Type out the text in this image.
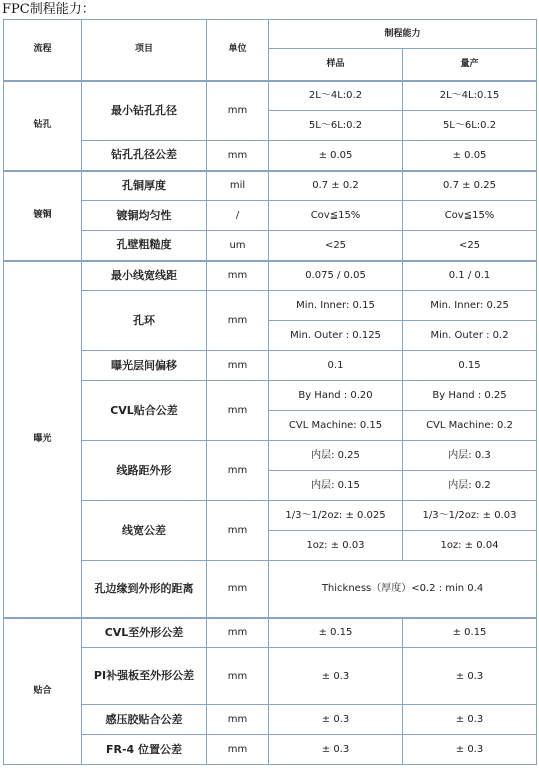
FPC制程能力：
流程	项目	单位	制程能力	
			样品	量产
钻孔	最小钻孔孔径	mm	2L～4L:0.2	2L～4L:0.15
			5L～6L:0.2	5L～6L:0.2
	钻孔孔径公差	mm	± 0.05	± 0.05
镀铜	孔铜厚度	mil	0.7 ± 0.2	0.7 ± 0.25
	镀铜均匀性	/	Cov≦15%	Cov≦15%
	孔壁粗糙度	um	<25	<25
曝光	最小线宽线距	mm	0.075 / 0.05	0.1 / 0.1
	孔环	mm	Min. Inner: 0.15	Min. Inner: 0.25
			Min. Outer : 0.125	Min. Outer : 0.2
	曝光层间偏移	mm	0.1	0.15
	CVL贴合公差	mm	By Hand : 0.20	By Hand : 0.25
			CVL Machine: 0.15	CVL Machine: 0.2
	线路距外形	mm	内层: 0.25	内层: 0.3
			内层: 0.15	内层: 0.2
	线宽公差	mm	1/3～1/2oz: ± 0.025	1/3～1/2oz: ± 0.03
			1oz: ± 0.03	1oz: ± 0.04
	孔边缘到外形的距离	mm	Thickness（厚度）<0.2 : min 0.4	
贴合	CVL至外形公差	mm	± 0.15	± 0.15
	PI补强板至外形公差	mm	± 0.3	± 0.3
	感压胶贴合公差	mm	± 0.3	± 0.3
	FR-4 位置公差	mm	± 0.3	± 0.3
